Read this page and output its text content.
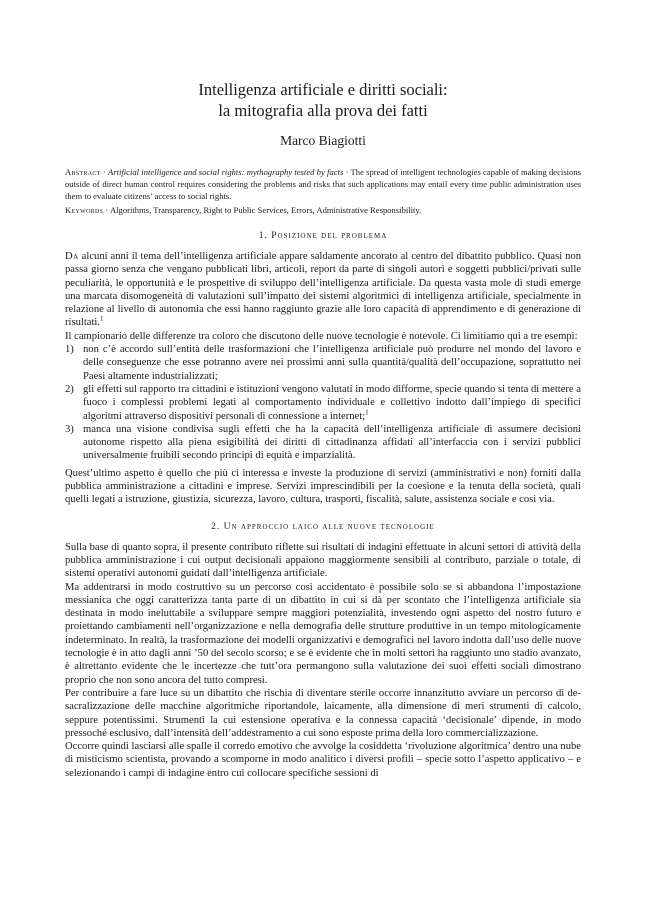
Intelligenza artificiale e diritti sociali:
la mitografia alla prova dei fatti
Marco Biagiotti
Abstract · Artificial intelligence and social rights: mythography tested by facts · The spread of intelligent technologies capable of making decisions outside of direct human control requires considering the problems and risks that such applications may entail every time public administration uses them to evaluate citizens’ access to social rights.
Keywords · Algorithms, Transparency, Right to Public Services, Errors, Administrative Responsibility.
1. Posizione del problema

Da alcuni anni il tema dell’intelligenza artificiale appare saldamente ancorato al centro del dibattito pubblico. Quasi non passa giorno senza che vengano pubblicati libri, articoli, report da parte di singoli autori e soggetti pubblici/privati sulle peculiarità, le opportunità e le prospettive di sviluppo dell’intelligenza artificiale. Da questa vasta mole di studi emerge una marcata disomogeneità di valutazioni sull’impatto dei sistemi algoritmici di intelligenza artificiale, specialmente in relazione al livello di autonomia che essi hanno raggiunto grazie alle loro capacità di apprendimento e di generazione di risultati.$^1$

Il campionario delle differenze tra coloro che discutono delle nuove tecnologie è notevole. Ci limitiamo qui a tre esempi:

1) non c’è accordo sull’entità delle trasformazioni che l’intelligenza artificiale può produrre nel mondo del lavoro e delle conseguenze che esse potranno avere nei prossimi anni sulla quantità/qualità dell’occupazione, soprattutto nei Paesi altamente industrializzati;
2) gli effetti sul rapporto tra cittadini e istituzioni vengono valutati in modo difforme, specie quando si tenta di mettere a fuoco i complessi problemi legati al comportamento individuale e collettivo indotto dall’impiego di specifici algoritmi attraverso dispositivi personali di connessione a internet;$^1$
3) manca una visione condivisa sugli effetti che ha la capacità dell’intelligenza artificiale di assumere decisioni autonome rispetto alla piena esigibilità dei diritti di cittadinanza affidati all’interfaccia con i servizi pubblici universalmente fruibili secondo principi di equità e imparzialità.

Quest’ultimo aspetto è quello che più ci interessa e investe la produzione di servizi (amministrativi e non) forniti dalla pubblica amministrazione a cittadini e imprese. Servizi imprescindibili per la coesione e la tenuta della società, quali quelli legati a istruzione, giustizia, sicurezza, lavoro, cultura, trasporti, fiscalità, salute, assistenza sociale e così via.

2. Un approccio laico alle nuove tecnologie

Sulla base di quanto sopra, il presente contributo riflette sui risultati di indagini effettuate in alcuni settori di attività della pubblica amministrazione i cui output decisionali appaiono maggiormente sensibili al contributo, parziale o totale, di sistemi operativi autonomi guidati dall’intelligenza artificiale.

Ma addentrarsi in modo costruttivo su un percorso così accidentato è possibile solo se si abbandona l’impostazione messianica che oggi caratterizza tanta parte di un dibattito in cui si dà per scontato che l’intelligenza artificiale sia destinata in modo ineluttabile a sviluppare sempre maggiori potenzialità, investendo ogni aspetto del nostro futuro e proiettando cambiamenti nell’organizzazione e nella demografia delle strutture produttive in un tempo mitologicamente indeterminato. In realtà, la trasformazione dei modelli organizzativi e demografici nel lavoro indotta dall’uso delle nuove tecnologie è in atto dagli anni ’50 del secolo scorso; e se è evidente che in molti settori ha raggiunto uno stadio avanzato, è altrettanto evidente che le incertezze che tutt’ora permangono sulla valutazione dei suoi effetti sociali dimostrano proprio che non sono ancora del tutto compresi.

Per contribuire a fare luce su un dibattito che rischia di diventare sterile occorre innanzitutto avviare un percorso di de-sacralizzazione delle macchine algoritmiche riportandole, laicamente, alla dimensione di meri strumenti di calcolo, seppure potentissimi. Strumenti la cui estensione operativa e la connessa capacità ‘decisionale’ dipende, in modo pressoché esclusivo, dall’intensità dell’addestramento a cui sono esposte prima della loro commercializzazione.

Occorre quindi lasciarsi alle spalle il corredo emotivo che avvolge la cosiddetta ‘rivoluzione algoritmica’ dentro una nube di misticismo scientista, provando a scomporne in modo analitico i diversi profili – specie sotto l’aspetto applicativo – e selezionando i campi di indagine entro cui collocare specifiche sessioni di
